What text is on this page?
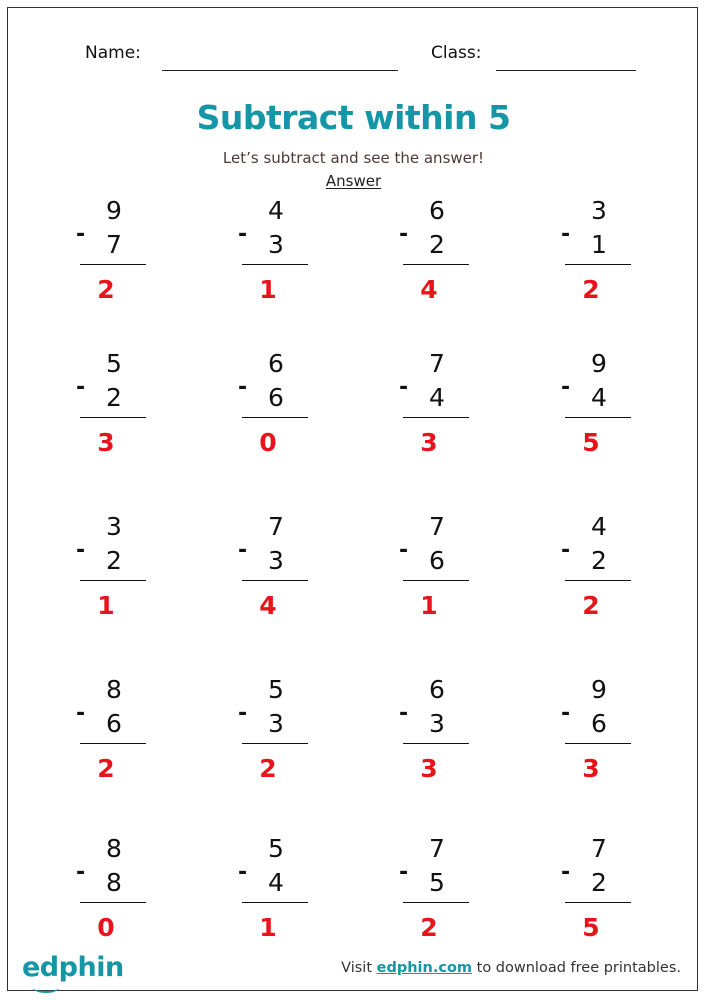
Name:	Class:
Subtract within 5
Let’s subtract and see the answer!
Answer
9
- 7
2
4
- 3
1
6
- 2
4
3
- 1
2
5
- 2
3
6
- 6
0
7
- 4
3
9
- 4
5
3
- 2
1
7
- 3
4
7
- 6
1
4
- 2
2
8
- 6
2
5
- 3
2
6
- 3
3
9
- 6
3
8
- 8
0
5
- 4
1
7
- 5
2
7
- 2
5
edphin	Visit edphin.com to download free printables.
